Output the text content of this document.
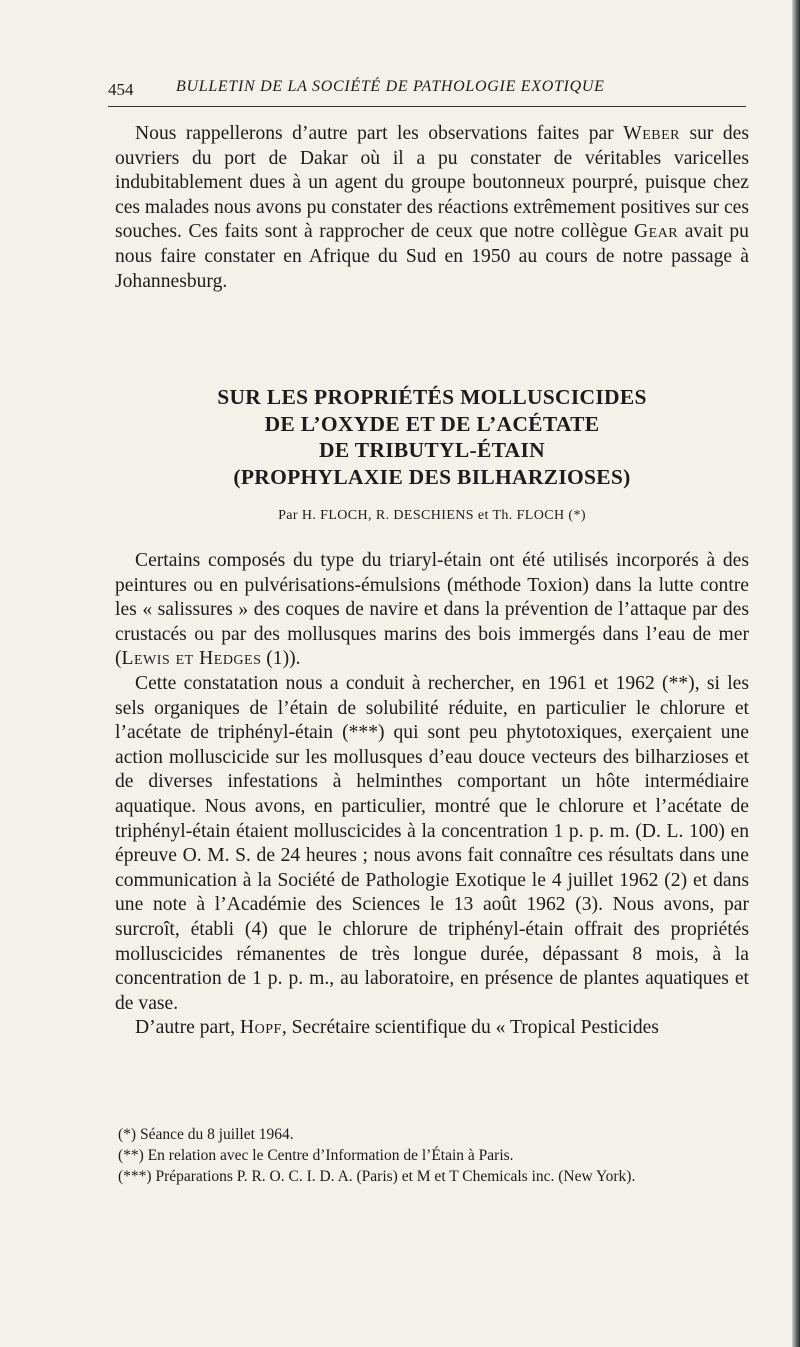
454	BULLETIN DE LA SOCIÉTÉ DE PATHOLOGIE EXOTIQUE

Nous rappellerons d’autre part les observations faites par Weber sur des ouvriers du port de Dakar où il a pu constater de véritables varicelles indubitablement dues à un agent du groupe boutonneux pourpré, puisque chez ces malades nous avons pu constater des réactions extrêmement positives sur ces souches. Ces faits sont à rapprocher de ceux que notre collègue Gear avait pu nous faire constater en Afrique du Sud en 1950 au cours de notre passage à Johannesburg.

SUR LES PROPRIÉTÉS MOLLUSCICIDES
DE L’OXYDE ET DE L’ACÉTATE
DE TRIBUTYL-ÉTAIN
(PROPHYLAXIE DES BILHARZIOSES)
Par H. FLOCH, R. DESCHIENS et Th. FLOCH (*)

Certains composés du type du triaryl-étain ont été utilisés incorporés à des peintures ou en pulvérisations-émulsions (méthode Toxion) dans la lutte contre les « salissures » des coques de navire et dans la prévention de l’attaque par des crustacés ou par des mollusques marins des bois immergés dans l’eau de mer (Lewis et Hedges (1)).

Cette constatation nous a conduit à rechercher, en 1961 et 1962 (**), si les sels organiques de l’étain de solubilité réduite, en particulier le chlorure et l’acétate de triphényl-étain (***) qui sont peu phytotoxiques, exerçaient une action molluscicide sur les mollusques d’eau douce vecteurs des bilharzioses et de diverses infestations à helminthes comportant un hôte intermédiaire aquatique. Nous avons, en particulier, montré que le chlorure et l’acétate de triphényl-étain étaient molluscicides à la concentration 1 p. p. m. (D. L. 100) en épreuve O. M. S. de 24 heures ; nous avons fait connaître ces résultats dans une communication à la Société de Pathologie Exotique le 4 juillet 1962 (2) et dans une note à l’Académie des Sciences le 13 août 1962 (3). Nous avons, par surcroît, établi (4) que le chlorure de triphényl-étain offrait des propriétés molluscicides rémanentes de très longue durée, dépassant 8 mois, à la concentration de 1 p. p. m., au laboratoire, en présence de plantes aquatiques et de vase.

D’autre part, Hopf, Secrétaire scientifique du « Tropical Pesticides

(*) Séance du 8 juillet 1964.
(**) En relation avec le Centre d’Information de l’Étain à Paris.
(***) Préparations P. R. O. C. I. D. A. (Paris) et M et T Chemicals inc. (New York).
